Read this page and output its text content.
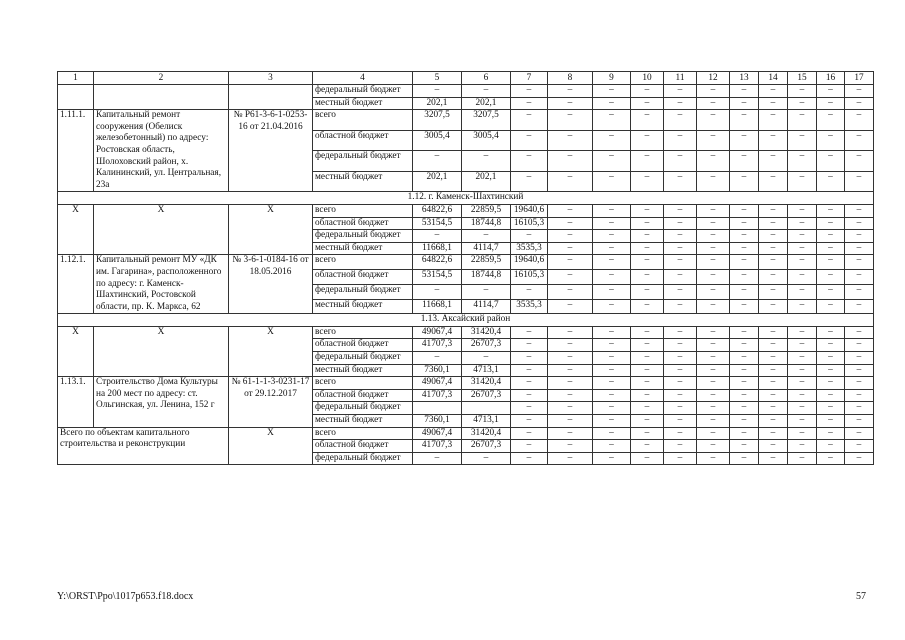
1	2	3	4	5	6	7	8	9	10	11	12	13	14	15	16	17
			федеральный бюджет	–	–	–	–	–	–	–	–	–	–	–	–	–
			местный бюджет	202,1	202,1	–	–	–	–	–	–	–	–	–	–	–
1.11.1.	Капитальный ремонт сооружения (Обелиск железобетонный) по адресу: Ростовская область, Шолоховский район, х. Калининский, ул. Центральная, 23а	№ Р61-3-6-1-0253-16 от 21.04.2016	всего	3207,5	3207,5	–	–	–	–	–	–	–	–	–	–	–
			областной бюджет	3005,4	3005,4	–	–	–	–	–	–	–	–	–	–	–
			федеральный бюджет	–	–	–	–	–	–	–	–	–	–	–	–	–
			местный бюджет	202,1	202,1	–	–	–	–	–	–	–	–	–	–	–
1.12. г. Каменск-Шахтинский																
Х	Х	Х	всего	64822,6	22859,5	19640,6	–	–	–	–	–	–	–	–	–	–
			областной бюджет	53154,5	18744,8	16105,3	–	–	–	–	–	–	–	–	–	–
			федеральный бюджет	–	–	–	–	–	–	–	–	–	–	–	–	–
			местный бюджет	11668,1	4114,7	3535,3	–	–	–	–	–	–	–	–	–	–
1.12.1.	Капитальный ремонт МУ «ДК им. Гагарина», расположенного по адресу: г. Каменск-Шахтинский, Ростовской области, пр. К. Маркса, 62	№ 3-6-1-0184-16 от 18.05.2016	всего	64822,6	22859,5	19640,6	–	–	–	–	–	–	–	–	–	–
			областной бюджет	53154,5	18744,8	16105,3	–	–	–	–	–	–	–	–	–	–
			федеральный бюджет	–	–	–	–	–	–	–	–	–	–	–	–	–
			местный бюджет	11668,1	4114,7	3535,3	–	–	–	–	–	–	–	–	–	–
1.13. Аксайский район																
Х	Х	Х	всего	49067,4	31420,4	–	–	–	–	–	–	–	–	–	–	–
			областной бюджет	41707,3	26707,3	–	–	–	–	–	–	–	–	–	–	–
			федеральный бюджет	–	–	–	–	–	–	–	–	–	–	–	–	–
			местный бюджет	7360,1	4713,1	–	–	–	–	–	–	–	–	–	–	–
1.13.1.	Строительство Дома Культуры на 200 мест по адресу: ст. Ольгинская, ул. Ленина, 152 г	№ 61-1-1-3-0231-17 от 29.12.2017	всего	49067,4	31420,4	–	–	–	–	–	–	–	–	–	–	–
			областной бюджет	41707,3	26707,3	–	–	–	–	–	–	–	–	–	–	–
			федеральный бюджет			–	–	–	–	–	–	–	–	–	–	–
			местный бюджет	7360,1	4713,1	–	–	–	–	–	–	–	–	–	–	–
Всего по объектам капитального строительства и реконструкции		Х	всего	49067,4	31420,4	–	–	–	–	–	–	–	–	–	–	–
			областной бюджет	41707,3	26707,3	–	–	–	–	–	–	–	–	–	–	–
			федеральный бюджет	–	–	–	–	–	–	–	–	–	–	–	–	–
Y:\ORST\Ppo\1017p653.f18.docx	57
